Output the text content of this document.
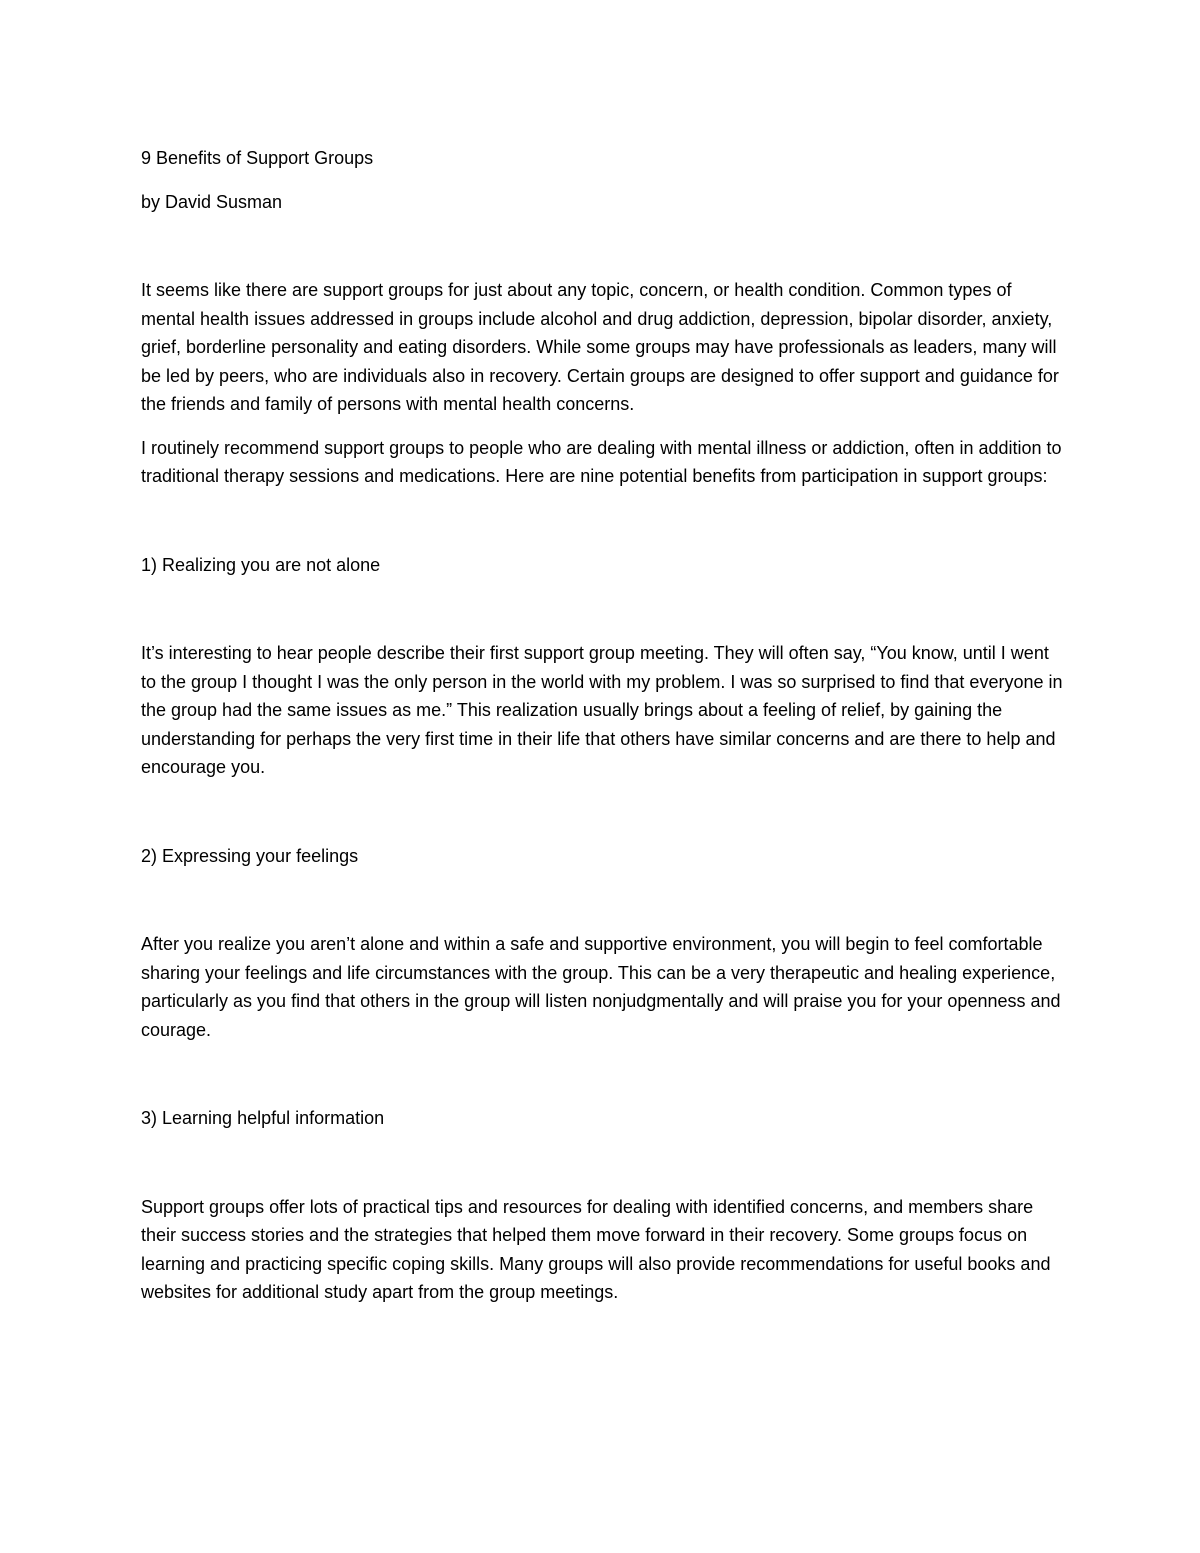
9 Benefits of Support Groups

by David Susman

It seems like there are support groups for just about any topic, concern, or health condition. Common types of mental health issues addressed in groups include alcohol and drug addiction, depression, bipolar disorder, anxiety, grief, borderline personality and eating disorders. While some groups may have professionals as leaders, many will be led by peers, who are individuals also in recovery. Certain groups are designed to offer support and guidance for the friends and family of persons with mental health concerns.

I routinely recommend support groups to people who are dealing with mental illness or addiction, often in addition to traditional therapy sessions and medications. Here are nine potential benefits from participation in support groups:

1) Realizing you are not alone

It’s interesting to hear people describe their first support group meeting. They will often say, “You know, until I went to the group I thought I was the only person in the world with my problem. I was so surprised to find that everyone in the group had the same issues as me.” This realization usually brings about a feeling of relief, by gaining the understanding for perhaps the very first time in their life that others have similar concerns and are there to help and encourage you.

2) Expressing your feelings

After you realize you aren’t alone and within a safe and supportive environment, you will begin to feel comfortable sharing your feelings and life circumstances with the group. This can be a very therapeutic and healing experience, particularly as you find that others in the group will listen nonjudgmentally and will praise you for your openness and courage.

3) Learning helpful information

Support groups offer lots of practical tips and resources for dealing with identified concerns, and members share their success stories and the strategies that helped them move forward in their recovery. Some groups focus on learning and practicing specific coping skills. Many groups will also provide recommendations for useful books and websites for additional study apart from the group meetings.
